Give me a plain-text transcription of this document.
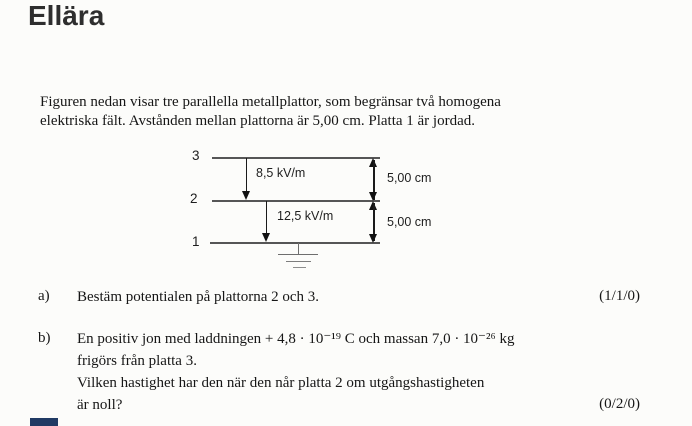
Ellära
Figuren nedan visar tre parallella metallplattor, som begränsar två homogena
elektriska fält. Avstånden mellan plattorna är 5,00 cm. Platta 1 är jordad.
3
2
1
8,5 kV/m
12,5 kV/m
5,00 cm
5,00 cm
a) Bestäm potentialen på plattorna 2 och 3.	(1/1/0)
b) En positiv jon med laddningen + 4,8 · 10⁻¹⁹ C och massan 7,0 · 10⁻²⁶ kg
frigörs från platta 3.
Vilken hastighet har den när den når platta 2 om utgångshastigheten
är noll?	(0/2/0)
